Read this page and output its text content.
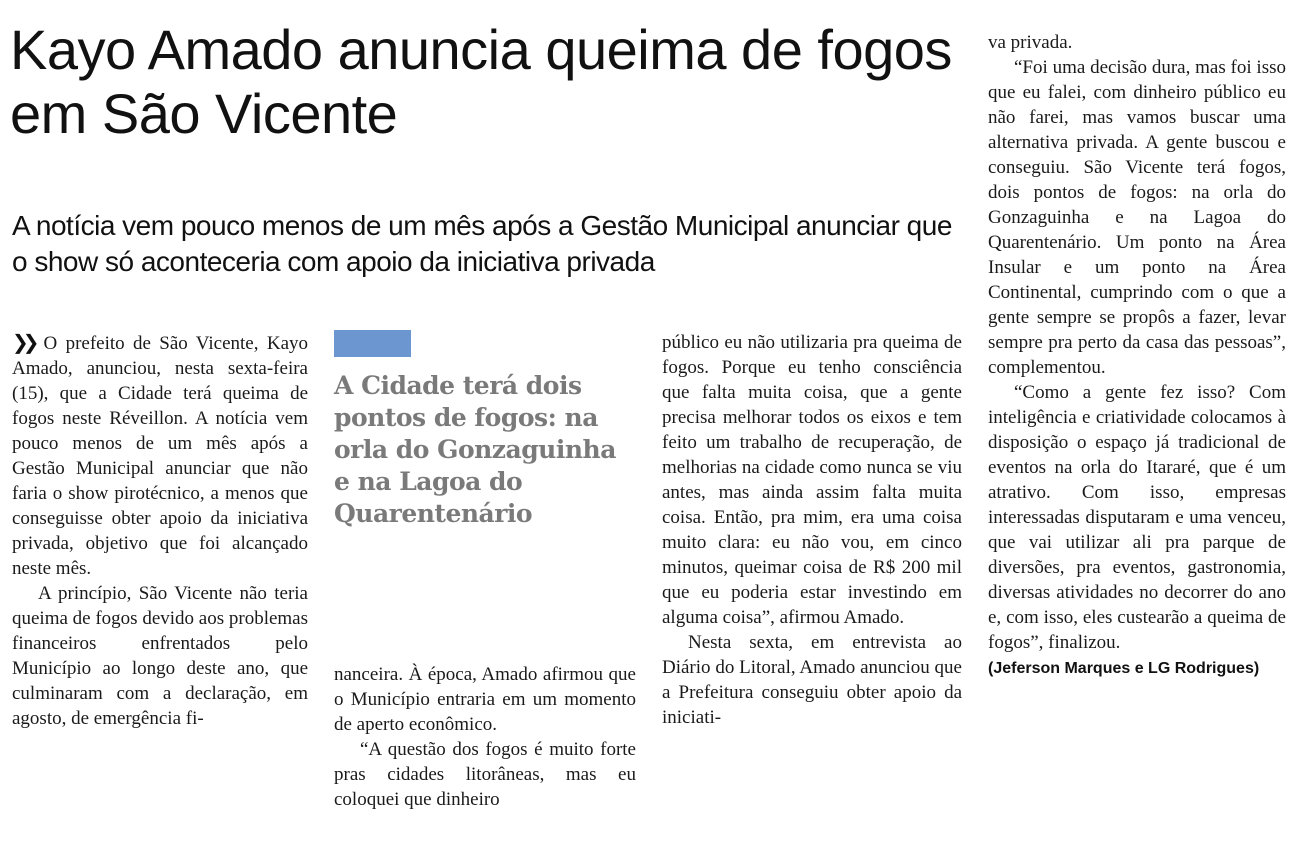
Kayo Amado anuncia queima de fogos em São Vicente
A notícia vem pouco menos de um mês após a Gestão Municipal anunciar que o show só aconteceria com apoio da iniciativa privada

❯❯ O prefeito de São Vicente, Kayo Amado, anunciou, nesta sexta-feira (15), que a Cidade terá queima de fogos neste Réveillon. A notícia vem pouco menos de um mês após a Gestão Municipal anunciar que não faria o show pirotécnico, a menos que conseguisse obter apoio da iniciativa privada, objetivo que foi alcançado neste mês.

A princípio, São Vicente não teria queima de fogos devido aos problemas financeiros enfrentados pelo Município ao longo deste ano, que culminaram com a declaração, em agosto, de emergência fi-

A Cidade terá dois pontos de fogos: na orla do Gonzaguinha e na Lagoa do Quarentenário

nanceira. À época, Amado afirmou que o Município entraria em um momento de aperto econômico.

“A questão dos fogos é muito forte pras cidades litorâneas, mas eu coloquei que dinheiro

público eu não utilizaria pra queima de fogos. Porque eu tenho consciência que falta muita coisa, que a gente precisa melhorar todos os eixos e tem feito um trabalho de recuperação, de melhorias na cidade como nunca se viu antes, mas ainda assim falta muita coisa. Então, pra mim, era uma coisa muito clara: eu não vou, em cinco minutos, queimar coisa de R$ 200 mil que eu poderia estar investindo em alguma coisa”, afirmou Amado.

Nesta sexta, em entrevista ao Diário do Litoral, Amado anunciou que a Prefeitura conseguiu obter apoio da iniciati-

va privada.

“Foi uma decisão dura, mas foi isso que eu falei, com dinheiro público eu não farei, mas vamos buscar uma alternativa privada. A gente buscou e conseguiu. São Vicente terá fogos, dois pontos de fogos: na orla do Gonzaguinha e na Lagoa do Quarentenário. Um ponto na Área Insular e um ponto na Área Continental, cumprindo com o que a gente sempre se propôs a fazer, levar sempre pra perto da casa das pessoas”, complementou.

“Como a gente fez isso? Com inteligência e criatividade colocamos à disposição o espaço já tradicional de eventos na orla do Itararé, que é um atrativo. Com isso, empresas interessadas disputaram e uma venceu, que vai utilizar ali pra parque de diversões, pra eventos, gastronomia, diversas atividades no decorrer do ano e, com isso, eles custearão a queima de fogos”, finalizou.

(Jeferson Marques e LG Rodrigues)
